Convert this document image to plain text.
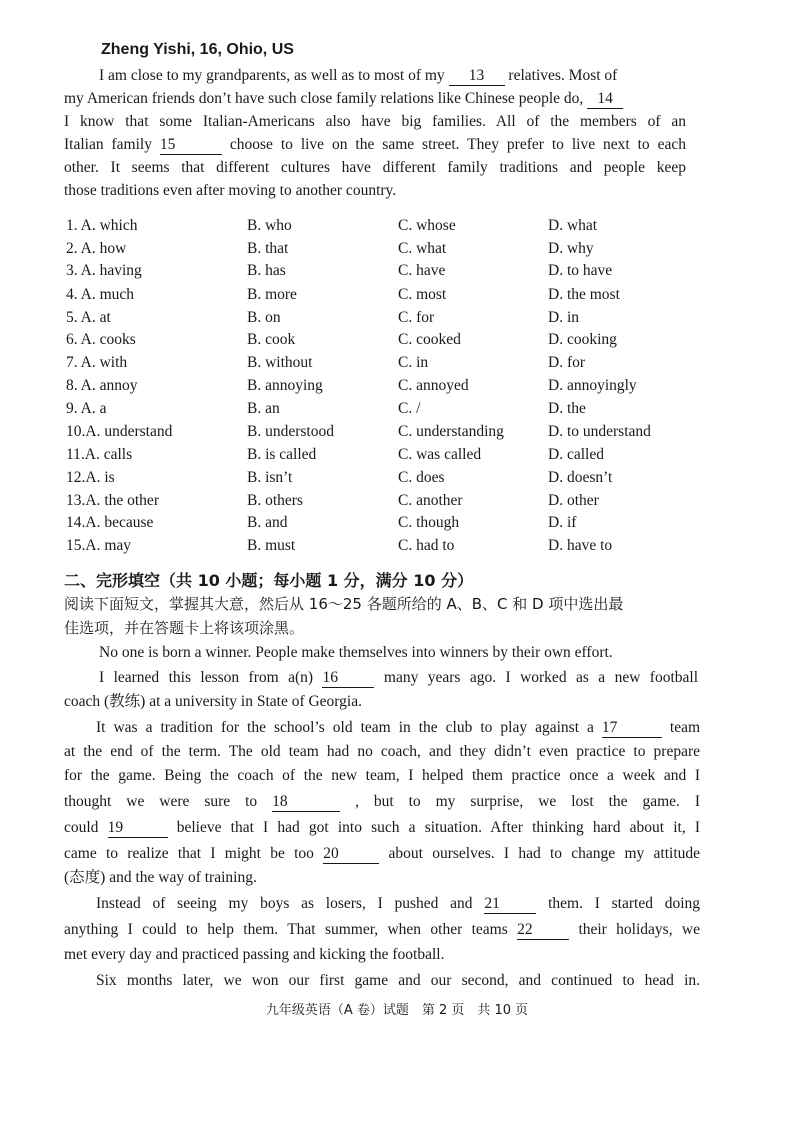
Zheng Yishi, 16, Ohio, US
I am close to my grandparents, as well as to most of my 13 relatives. Most of
my American friends don’t have such close family relations like Chinese people do, 14
I know that some Italian-Americans also have big families. All of the members of an
Italian family 15	choose to live on the same street. They prefer to live next to each
other. It seems that different cultures have different family traditions and people keep
those traditions even after moving to another country.
1. A. which	B. who	C. whose	D. what
2. A. how	B. that	C. what	D. why
3. A. having	B. has	C. have	D. to have
4. A. much	B. more	C. most	D. the most
5. A. at	B. on	C. for	D. in
6. A. cooks	B. cook	C. cooked	D. cooking
7. A. with	B. without	C. in	D. for
8. A. annoy	B. annoying	C. annoyed	D. annoyingly
9. A. a	B. an	C. /	D. the
10.A. understand	B. understood	C. understanding	D. to understand
11.A. calls	B. is called	C. was called	D. called
12.A. is	B. isn’t	C. does	D. doesn’t
13.A. the other	B. others	C. another	D. other
14.A. because	B. and	C. though	D. if
15.A. may	B. must	C. had to	D. have to
二、完形填空（共 10 小题；每小题 1 分，满分 10 分）
阅读下面短文，掌握其大意，然后从 16～25 各题所给的 A、B、C 和 D 项中选出最
佳选项，并在答题卡上将该项涂黑。
No one is born a winner. People make themselves into winners by their own effort.
I learned this lesson from a(n) 16	many years ago. I worked as a new football
coach (教练) at a university in State of Georgia.
It was a tradition for the school’s old team in the club to play against a 17	team
at the end of the term. The old team had no coach, and they didn’t even practice to prepare
for the game. Being the coach of the new team, I helped them practice once a week and I
thought we were sure to 18	, but to my surprise, we lost the game. I
could 19	believe that I had got into such a situation. After thinking hard about it, I
came to realize that I might be too 20	about ourselves. I had to change my attitude
(态度) and the way of training.
Instead of seeing my boys as losers, I pushed and 21	them. I started doing
anything I could to help them. That summer, when other teams 22	their holidays, we
met every day and practiced passing and kicking the football.
Six months later, we won our first game and our second, and continued to head in.
九年级英语（A 卷）试题　第 2 页　共 10 页
